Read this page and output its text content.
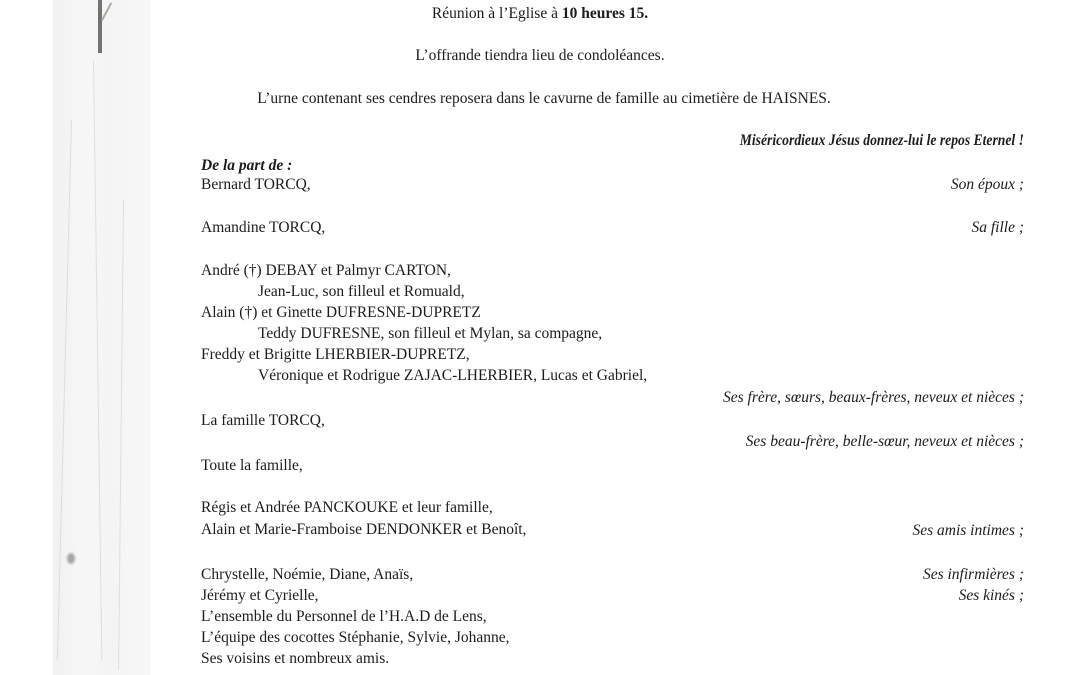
Réunion à l’Eglise à 10 heures 15.
L’offrande tiendra lieu de condoléances.
L’urne contenant ses cendres reposera dans le cavurne de famille au cimetière de HAISNES.
Miséricordieux Jésus donnez-lui le repos Eternel !
De la part de :
Bernard TORCQ,	Son époux ;
Amandine TORCQ,	Sa fille ;
André (†) DEBAY et Palmyr CARTON,
Jean-Luc, son filleul et Romuald,
Alain (†) et Ginette DUFRESNE-DUPRETZ
Teddy DUFRESNE, son filleul et Mylan, sa compagne,
Freddy et Brigitte LHERBIER-DUPRETZ,
Véronique et Rodrigue ZAJAC-LHERBIER, Lucas et Gabriel,
Ses frère, sœurs, beaux-frères, neveux et nièces ;
La famille TORCQ,
Ses beau-frère, belle-sœur, neveux et nièces ;
Toute la famille,
Régis et Andrée PANCKOUKE et leur famille,
Alain et Marie-Framboise DENDONKER et Benoît,	Ses amis intimes ;
Chrystelle, Noémie, Diane, Anaïs,	Ses infirmières ;
Jérémy et Cyrielle,	Ses kinés ;
L’ensemble du Personnel de l’H.A.D de Lens,
L’équipe des cocottes Stéphanie, Sylvie, Johanne,
Ses voisins et nombreux amis.
